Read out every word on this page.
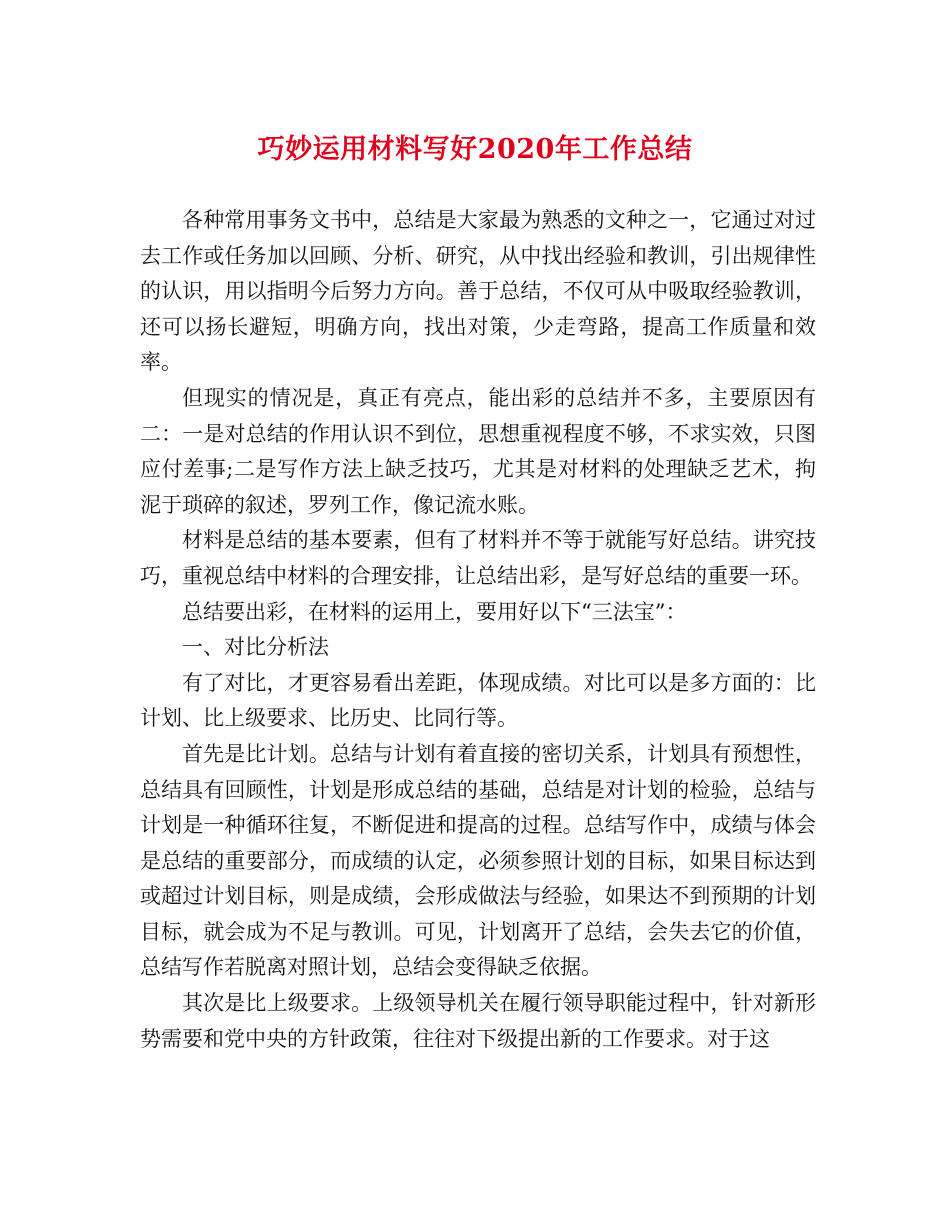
巧妙运用材料写好2020年工作总结

各种常用事务文书中，总结是大家最为熟悉的文种之一，它通过对过去工作或任务加以回顾、分析、研究，从中找出经验和教训，引出规律性的认识，用以指明今后努力方向。善于总结，不仅可从中吸取经验教训，还可以扬长避短，明确方向，找出对策，少走弯路，提高工作质量和效率。

但现实的情况是，真正有亮点，能出彩的总结并不多，主要原因有二：一是对总结的作用认识不到位，思想重视程度不够，不求实效，只图应付差事;二是写作方法上缺乏技巧，尤其是对材料的处理缺乏艺术，拘泥于琐碎的叙述，罗列工作，像记流水账。

材料是总结的基本要素，但有了材料并不等于就能写好总结。讲究技巧，重视总结中材料的合理安排，让总结出彩，是写好总结的重要一环。

总结要出彩，在材料的运用上，要用好以下“三法宝”：

一、对比分析法

有了对比，才更容易看出差距，体现成绩。对比可以是多方面的：比计划、比上级要求、比历史、比同行等。

首先是比计划。总结与计划有着直接的密切关系，计划具有预想性，总结具有回顾性，计划是形成总结的基础，总结是对计划的检验，总结与计划是一种循环往复，不断促进和提高的过程。总结写作中，成绩与体会是总结的重要部分，而成绩的认定，必须参照计划的目标，如果目标达到或超过计划目标，则是成绩，会形成做法与经验，如果达不到预期的计划目标，就会成为不足与教训。可见，计划离开了总结，会失去它的价值，总结写作若脱离对照计划，总结会变得缺乏依据。

其次是比上级要求。上级领导机关在履行领导职能过程中，针对新形势需要和党中央的方针政策，往往对下级提出新的工作要求。对于这
